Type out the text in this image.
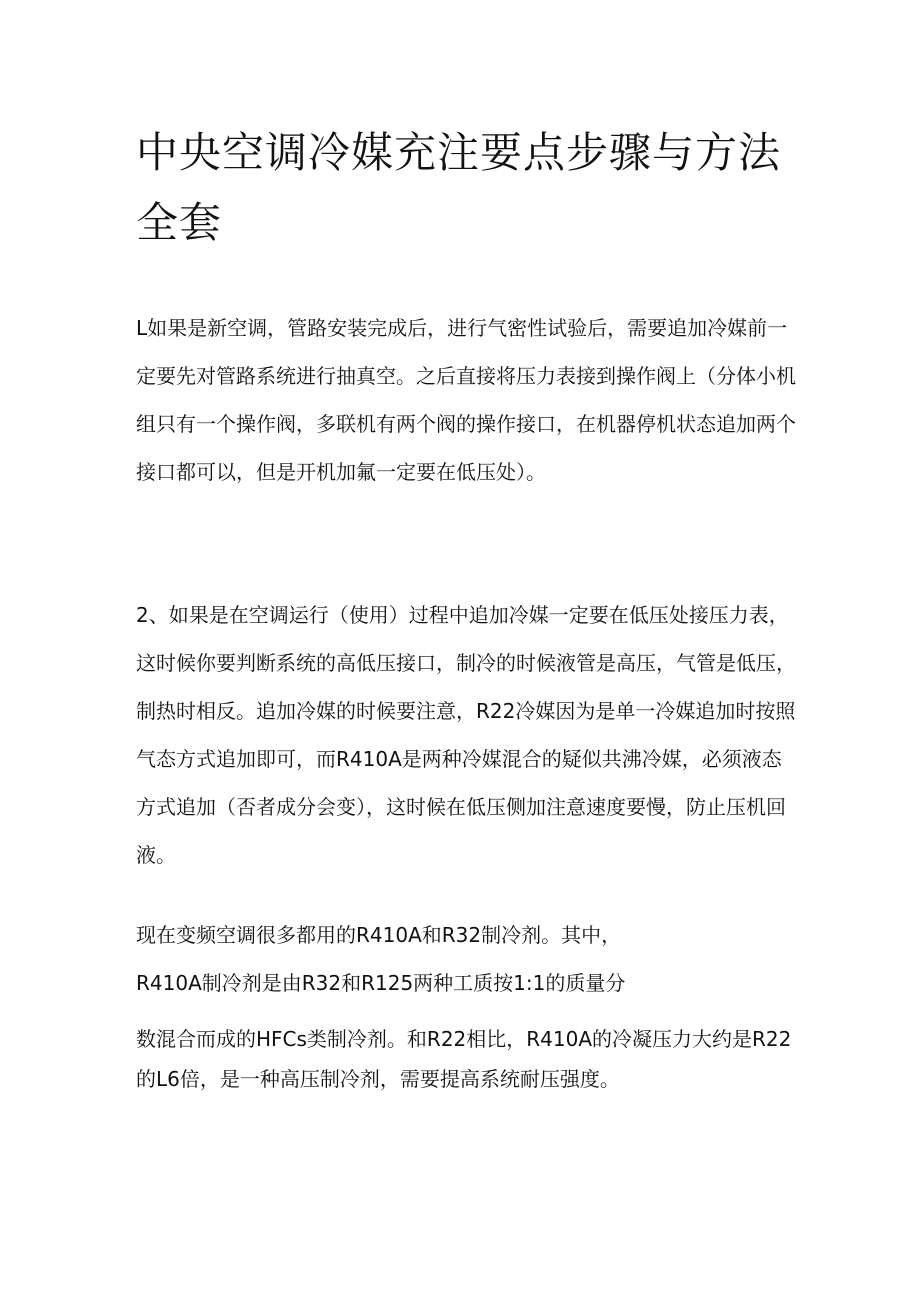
中央空调冷媒充注要点步骤与方法全套

L如果是新空调，管路安装完成后，进行气密性试验后，需要追加冷媒前一定要先对管路系统进行抽真空。之后直接将压力表接到操作阀上（分体小机组只有一个操作阀，多联机有两个阀的操作接口，在机器停机状态追加两个接口都可以，但是开机加氟一定要在低压处）。

2、如果是在空调运行（使用）过程中追加冷媒一定要在低压处接压力表，这时候你要判断系统的高低压接口，制冷的时候液管是高压，气管是低压，制热时相反。追加冷媒的时候要注意，R22冷媒因为是单一冷媒追加时按照气态方式追加即可，而R410A是两种冷媒混合的疑似共沸冷媒，必须液态方式追加（否者成分会变），这时候在低压侧加注意速度要慢，防止压机回液。

现在变频空调很多都用的R410A和R32制冷剂。其中，

R410A制冷剂是由R32和R125两种工质按1:1的质量分

数混合而成的HFCs类制冷剂。和R22相比，R410A的冷凝压力大约是R22的L6倍，是一种高压制冷剂，需要提高系统耐压强度。
